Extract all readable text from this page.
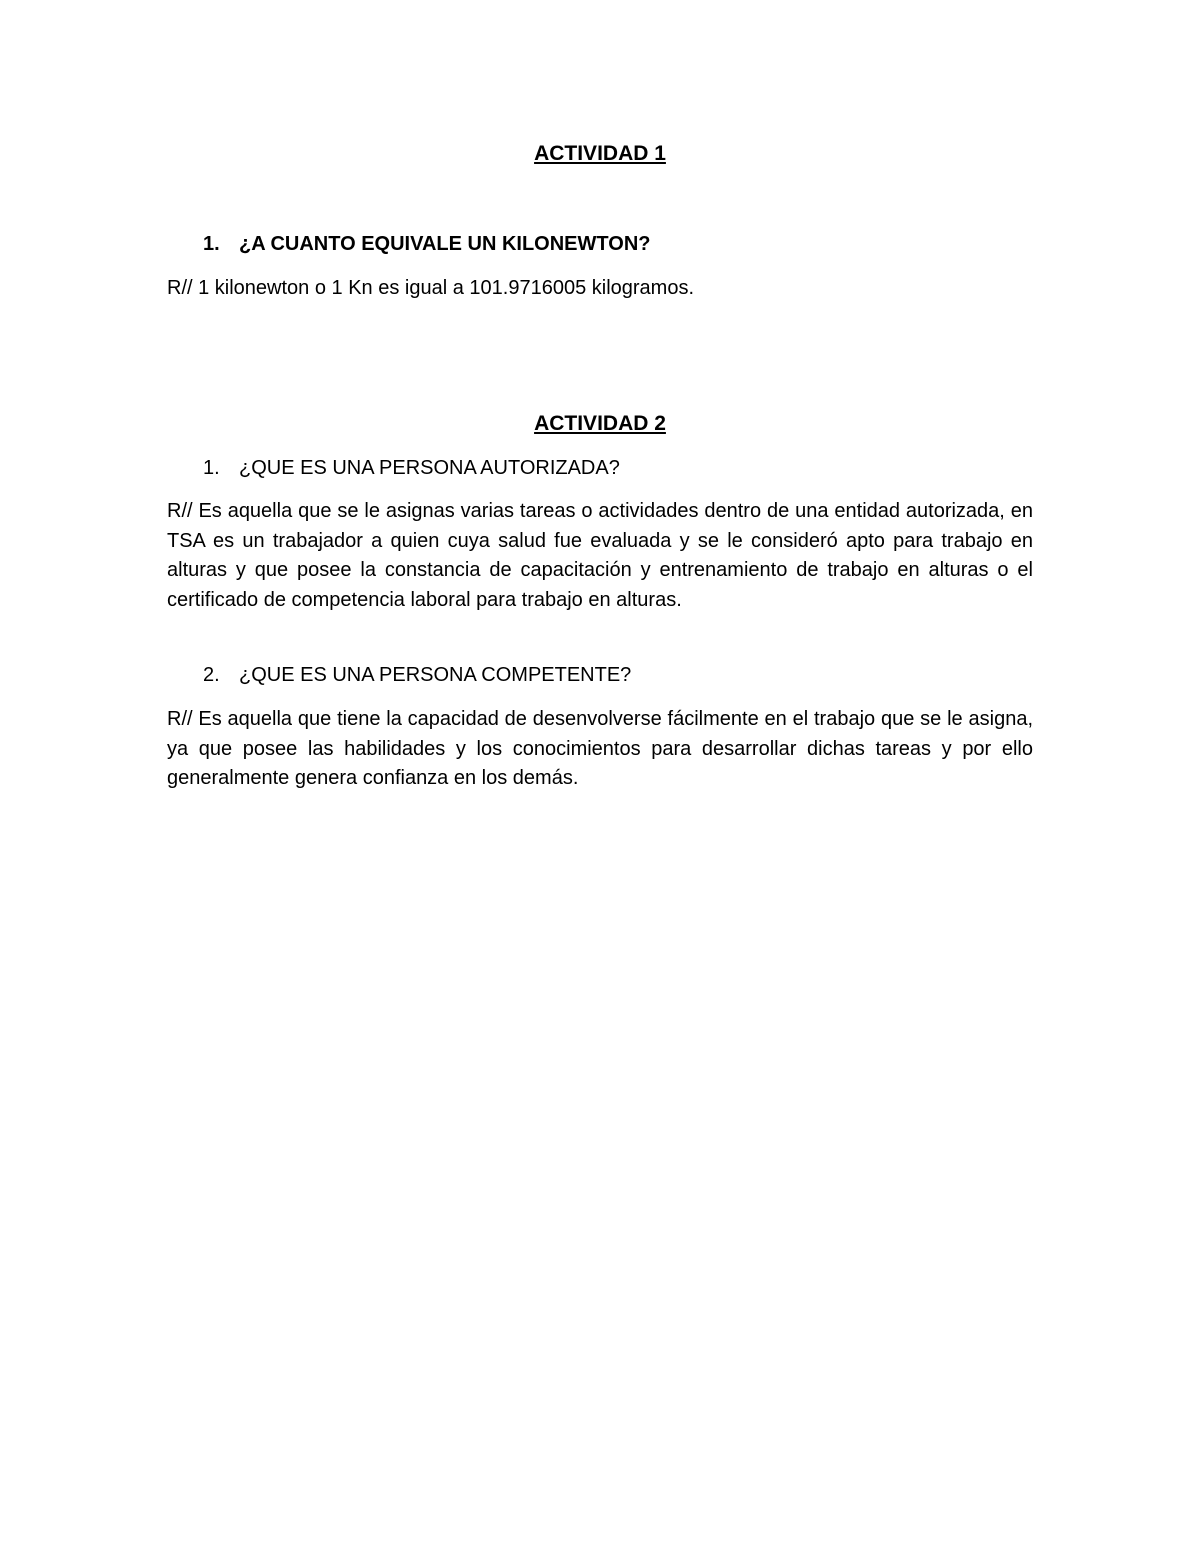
ACTIVIDAD 1
1. ¿A CUANTO EQUIVALE UN KILONEWTON?

R// 1 kilonewton o 1 Kn es igual a 101.9716005 kilogramos.

ACTIVIDAD 2
1. ¿QUE ES UNA PERSONA AUTORIZADA?

R// Es aquella que se le asignas varias tareas o actividades dentro de una entidad autorizada, en TSA es un trabajador a quien cuya salud fue evaluada y se le consideró apto para trabajo en alturas y que posee la constancia de capacitación y entrenamiento de trabajo en alturas o el certificado de competencia laboral para trabajo en alturas.

2. ¿QUE ES UNA PERSONA COMPETENTE?

R// Es aquella que tiene la capacidad de desenvolverse fácilmente en el trabajo que se le asigna, ya que posee las habilidades y los conocimientos para desarrollar dichas tareas y por ello generalmente genera confianza en los demás.
